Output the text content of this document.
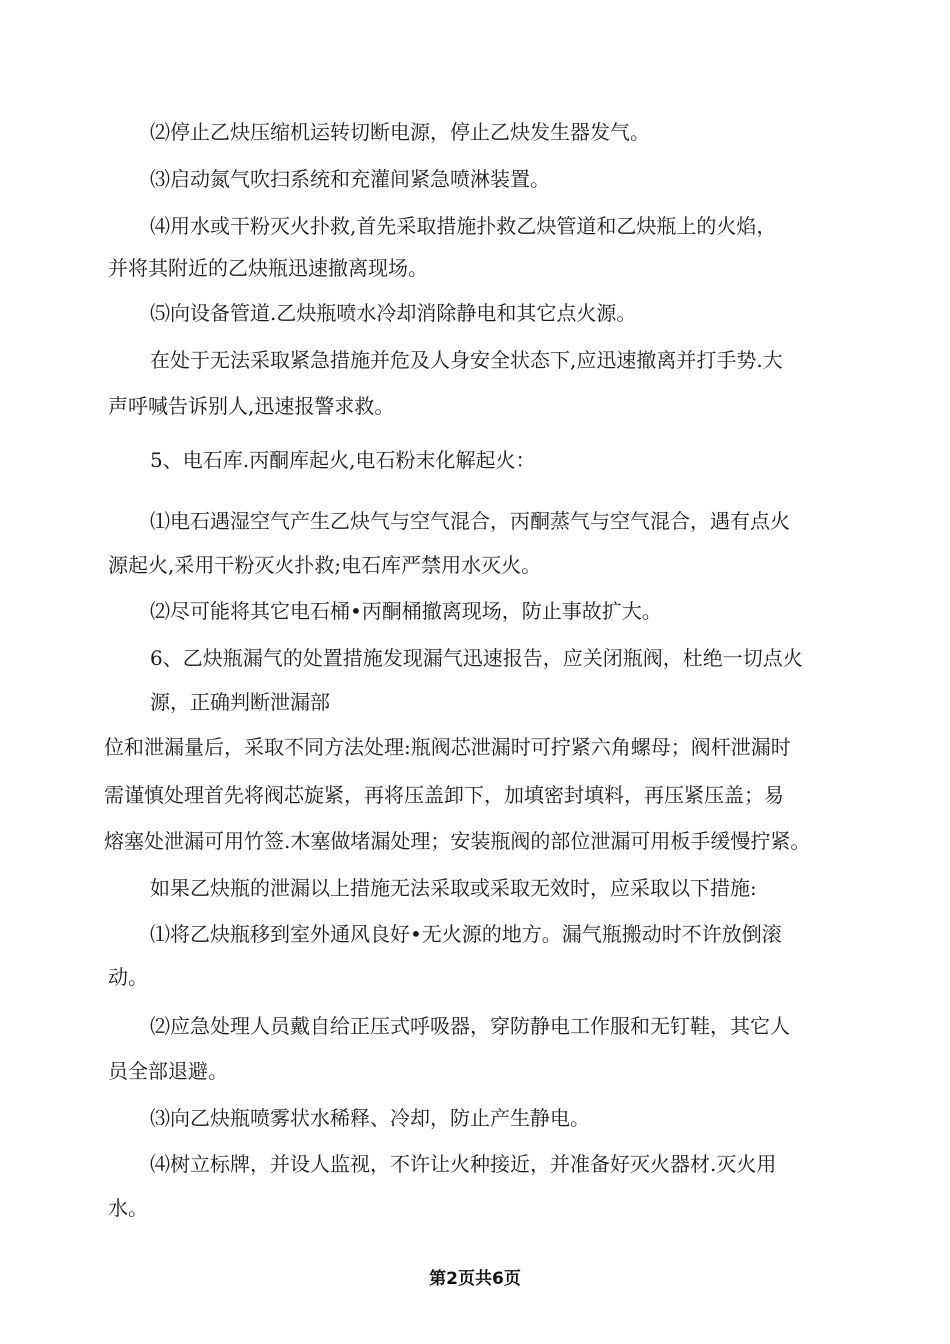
⑵停止乙炔压缩机运转切断电源，停止乙炔发生器发气。
⑶启动氮气吹扫系统和充灌间紧急喷淋装置。
⑷用水或干粉灭火扑救,首先采取措施扑救乙炔管道和乙炔瓶上的火焰，
并将其附近的乙炔瓶迅速撤离现场。
⑸向设备管道.乙炔瓶喷水冷却消除静电和其它点火源。
在处于无法采取紧急措施并危及人身安全状态下,应迅速撤离并打手势.大
声呼喊告诉别人,迅速报警求救。
5、电石库.丙酮库起火,电石粉末化解起火：
⑴电石遇湿空气产生乙炔气与空气混合，丙酮蒸气与空气混合，遇有点火
源起火,采用干粉灭火扑救;电石库严禁用水灭火。
⑵尽可能将其它电石桶•丙酮桶撤离现场，防止事故扩大。
6、乙炔瓶漏气的处置措施发现漏气迅速报告，应关闭瓶阀，杜绝一切点火
源，正确判断泄漏部
位和泄漏量后，采取不同方法处理:瓶阀芯泄漏时可拧紧六角螺母；阀杆泄漏时
需谨慎处理首先将阀芯旋紧，再将压盖卸下，加填密封填料，再压紧压盖；易
熔塞处泄漏可用竹签.木塞做堵漏处理；安装瓶阀的部位泄漏可用板手缓慢拧紧。
如果乙炔瓶的泄漏以上措施无法采取或采取无效时，应采取以下措施:
⑴将乙炔瓶移到室外通风良好•无火源的地方。漏气瓶搬动时不许放倒滚
动。
⑵应急处理人员戴自给正压式呼吸器，穿防静电工作服和无钉鞋，其它人
员全部退避。
⑶向乙炔瓶喷雾状水稀释、冷却，防止产生静电。
⑷树立标牌，并设人监视，不许让火种接近，并准备好灭火器材.灭火用
水。
第2页共6页
